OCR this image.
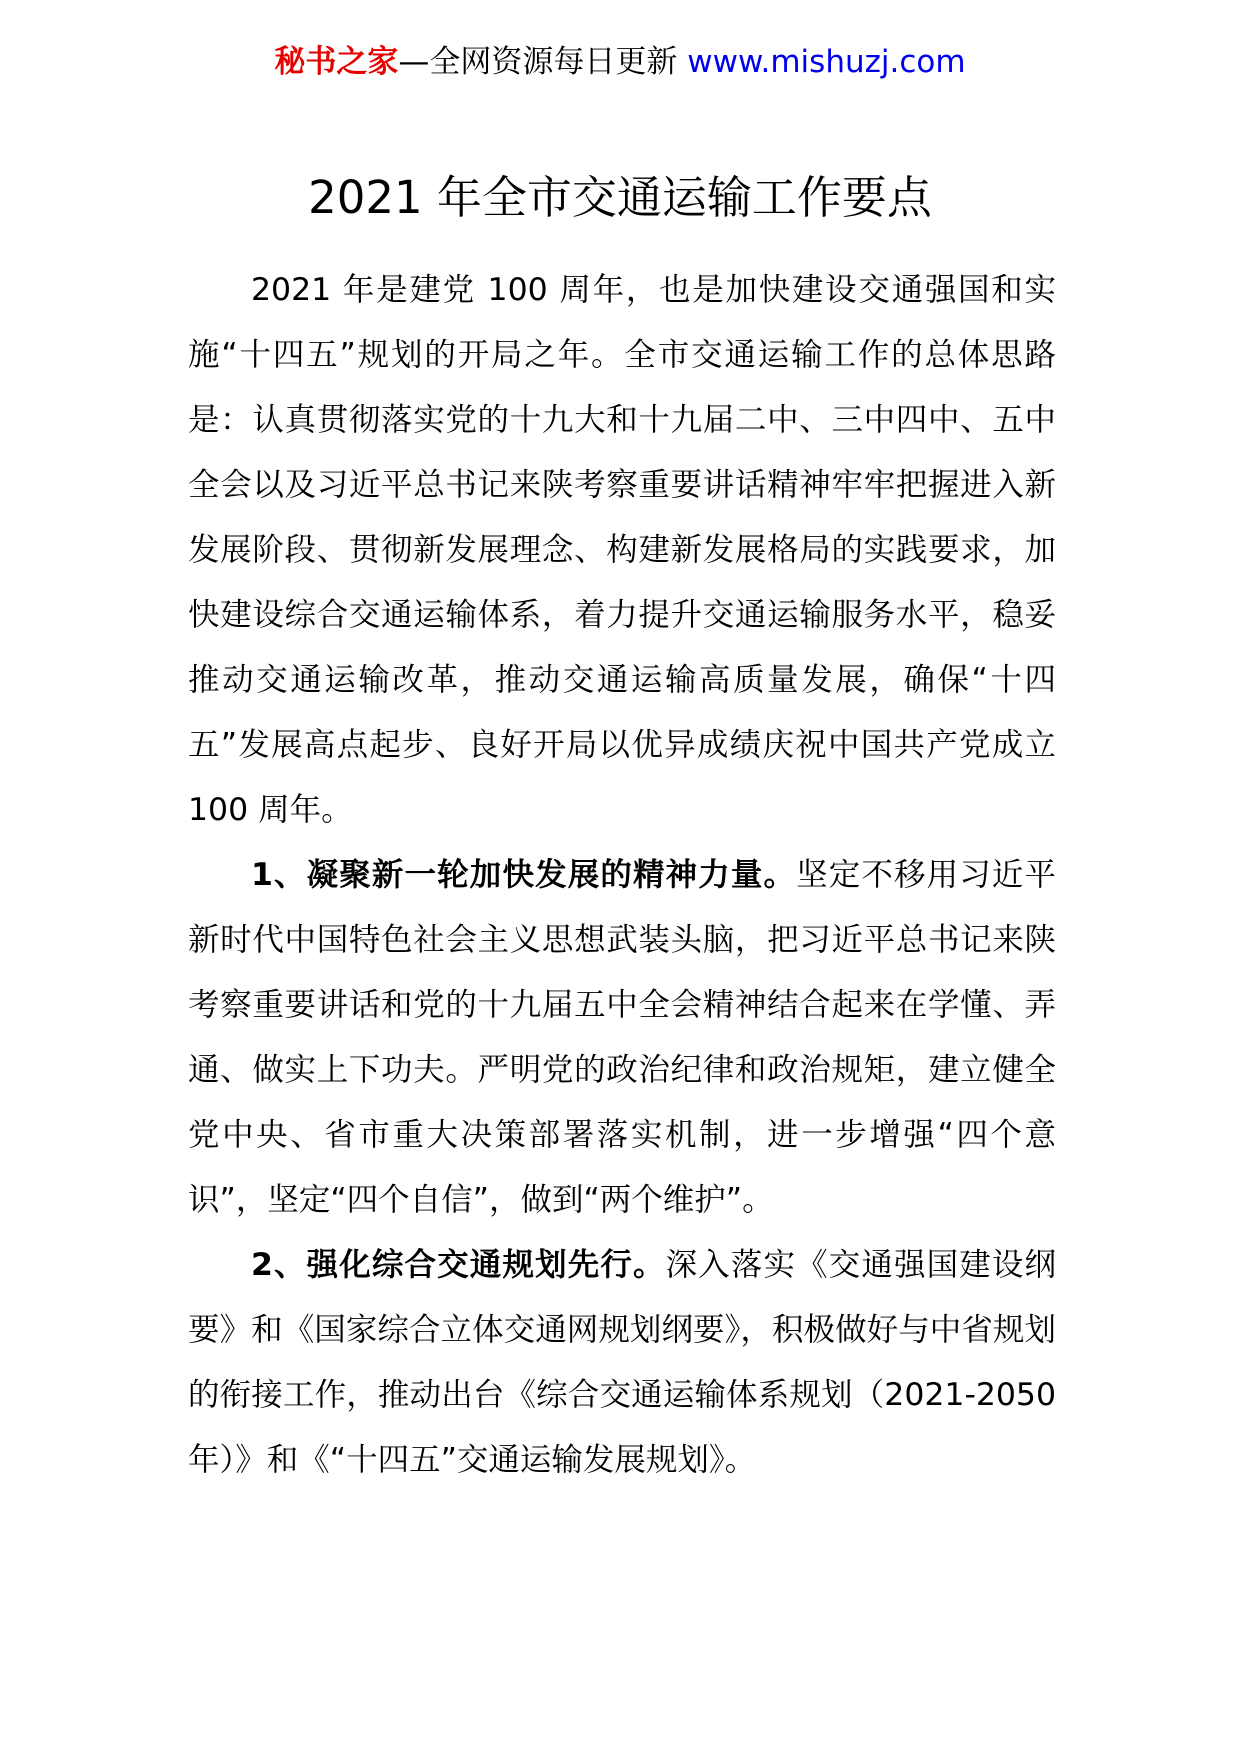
秘书之家—全网资源每日更新 www.mishuzj.com
2021 年全市交通运输工作要点

2021 年是建党 100 周年，也是加快建设交通强国和实施“十四五”规划的开局之年。全市交通运输工作的总体思路是：认真贯彻落实党的十九大和十九届二中、三中四中、五中全会以及习近平总书记来陕考察重要讲话精神牢牢把握进入新发展阶段、贯彻新发展理念、构建新发展格局的实践要求，加快建设综合交通运输体系，着力提升交通运输服务水平，稳妥推动交通运输改革，推动交通运输高质量发展，确保“十四五”发展高点起步、良好开局以优异成绩庆祝中国共产党成立 100 周年。

1、凝聚新一轮加快发展的精神力量。坚定不移用习近平新时代中国特色社会主义思想武装头脑，把习近平总书记来陕考察重要讲话和党的十九届五中全会精神结合起来在学懂、弄通、做实上下功夫。严明党的政治纪律和政治规矩，建立健全党中央、省市重大决策部署落实机制，进一步增强“四个意识”，坚定“四个自信”，做到“两个维护”。

2、强化综合交通规划先行。深入落实《交通强国建设纲要》和《国家综合立体交通网规划纲要》，积极做好与中省规划的衔接工作，推动出台《综合交通运输体系规划（2021-2050 年）》和《“十四五”交通运输发展规划》。
